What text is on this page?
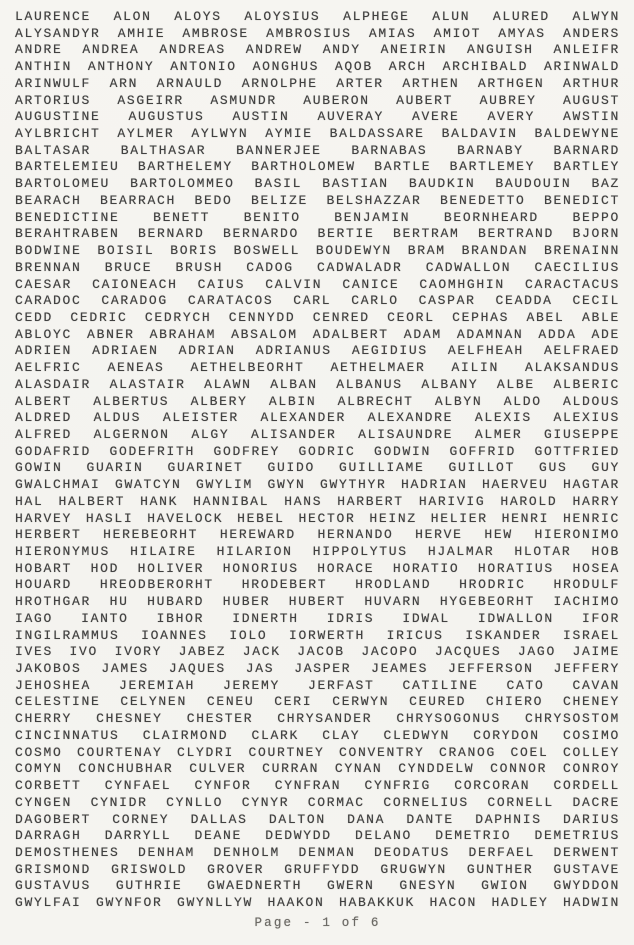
LAURENCE ALON ALOYS ALOYSIUS ALPHEGE ALUN ALURED ALWYN
ALYSANDYR AMHIE AMBROSE AMBROSIUS AMIAS AMIOT AMYAS ANDERS
ANDRE ANDREA ANDREAS ANDREW ANDY ANEIRIN ANGUISH ANLEIFR
ANTHIN ANTHONY ANTONIO AONGHUS AQOB ARCH ARCHIBALD ARINWALD
ARINWULF ARN ARNAULD ARNOLPHE ARTER ARTHEN ARTHGEN ARTHUR
ARTORIUS ASGEIRR ASMUNDR AUBERON AUBERT AUBREY AUGUST
AUGUSTINE AUGUSTUS AUSTIN AUVERAY AVERE AVERY AWSTIN
AYLBRICHT AYLMER AYLWYN AYMIE BALDASSARE BALDAVIN BALDEWYNE
BALTASAR BALTHASAR BANNERJEE BARNABAS BARNABY BARNARD
BARTELEMIEU BARTHELEMY BARTHOLOMEW BARTLE BARTLEMEY BARTLEY
BARTOLOMEU BARTOLOMMEO BASIL BASTIAN BAUDKIN BAUDOUIN BAZ
BEARACH BEARRACH BEDO BELIZE BELSHAZZAR BENEDETTO BENEDICT
BENEDICTINE BENETT BENITO BENJAMIN BEORNHEARD BEPPO
BERAHTRABEN BERNARD BERNARDO BERTIE BERTRAM BERTRAND BJORN
BODWINE BOISIL BORIS BOSWELL BOUDEWYN BRAM BRANDAN BRENAINN
BRENNAN BRUCE BRUSH CADOG CADWALADR CADWALLON CAECILIUS
CAESAR CAIONEACH CAIUS CALVIN CANICE CAOMHGHIN CARACTACUS
CARADOC CARADOG CARATACOS CARL CARLO CASPAR CEADDA CECIL
CEDD CEDRIC CEDRYCH CENNYDD CENRED CEORL CEPHAS ABEL ABLE
ABLOYC ABNER ABRAHAM ABSALOM ADALBERT ADAM ADAMNAN ADDA ADE
ADRIEN ADRIAEN ADRIAN ADRIANUS AEGIDIUS AELFHEAH AELFRAED
AELFRIC AENEAS AETHELBEORHT AETHELMAER AILIN ALAKSANDUS
ALASDAIR ALASTAIR ALAWN ALBAN ALBANUS ALBANY ALBE ALBERIC
ALBERT ALBERTUS ALBERY ALBIN ALBRECHT ALBYN ALDO ALDOUS
ALDRED ALDUS ALEISTER ALEXANDER ALEXANDRE ALEXIS ALEXIUS
ALFRED ALGERNON ALGY ALISANDER ALISAUNDRE ALMER GIUSEPPE
GODAFRID GODEFRITH GODFREY GODRIC GODWIN GOFFRID GOTTFRIED
GOWIN GUARIN GUARINET GUIDO GUILLIAME GUILLOT GUS GUY
GWALCHMAI GWATCYN GWYLIM GWYN GWYTHYR HADRIAN HAERVEU HAGTAR
HAL HALBERT HANK HANNIBAL HANS HARBERT HARIVIG HAROLD HARRY
HARVEY HASLI HAVELOCK HEBEL HECTOR HEINZ HELIER HENRI HENRIC
HERBERT HEREBEORHT HEREWARD HERNANDO HERVE HEW HIERONIMO
HIERONYMUS HILAIRE HILARION HIPPOLYTUS HJALMAR HLOTAR HOB
HOBART HOD HOLIVER HONORIUS HORACE HORATIO HORATIUS HOSEA
HOUARD HREODBERORHT HRODEBERT HRODLAND HRODRIC HRODULF
HROTHGAR HU HUBARD HUBER HUBERT HUVARN HYGEBEORHT IACHIMO
IAGO IANTO IBHOR IDNERTH IDRIS IDWAL IDWALLON IFOR
INGILRAMMUS IOANNES IOLO IORWERTH IRICUS ISKANDER ISRAEL
IVES IVO IVORY JABEZ JACK JACOB JACOPO JACQUES JAGO JAIME
JAKOBOS JAMES JAQUES JAS JASPER JEAMES JEFFERSON JEFFERY
JEHOSHEA JEREMIAH JEREMY JERFAST CATILINE CATO CAVAN
CELESTINE CELYNEN CENEU CERI CERWYN CEURED CHIERO CHENEY
CHERRY CHESNEY CHESTER CHRYSANDER CHRYSOGONUS CHRYSOSTOM
CINCINNATUS CLAIRMOND CLARK CLAY CLEDWYN CORYDON COSIMO
COSMO COURTENAY CLYDRI COURTNEY CONVENTRY CRANOG COEL COLLEY
COMYN CONCHUBHAR CULVER CURRAN CYNAN CYNDDELW CONNOR CONROY
CORBETT CYNFAEL CYNFOR CYNFRAN CYNFRIG CORCORAN CORDELL
CYNGEN CYNIDR CYNLLO CYNYR CORMAC CORNELIUS CORNELL DACRE
DAGOBERT CORNEY DALLAS DALTON DANA DANTE DAPHNIS DARIUS
DARRAGH DARRYLL DEANE DEDWYDD DELANO DEMETRIO DEMETRIUS
DEMOSTHENES DENHAM DENHOLM DENMAN DEODATUS DERFAEL DERWENT
GRISMOND GRISWOLD GROVER GRUFFYDD GRUGWYN GUNTHER GUSTAVE
GUSTAVUS GUTHRIE GWAEDNERTH GWERN GNESYN GWION GWYDDON
GWYLFAI GWYNFOR GWYNLLYW HAAKON HABAKKUK HACON HADLEY HADWIN
Page - 1 of 6
